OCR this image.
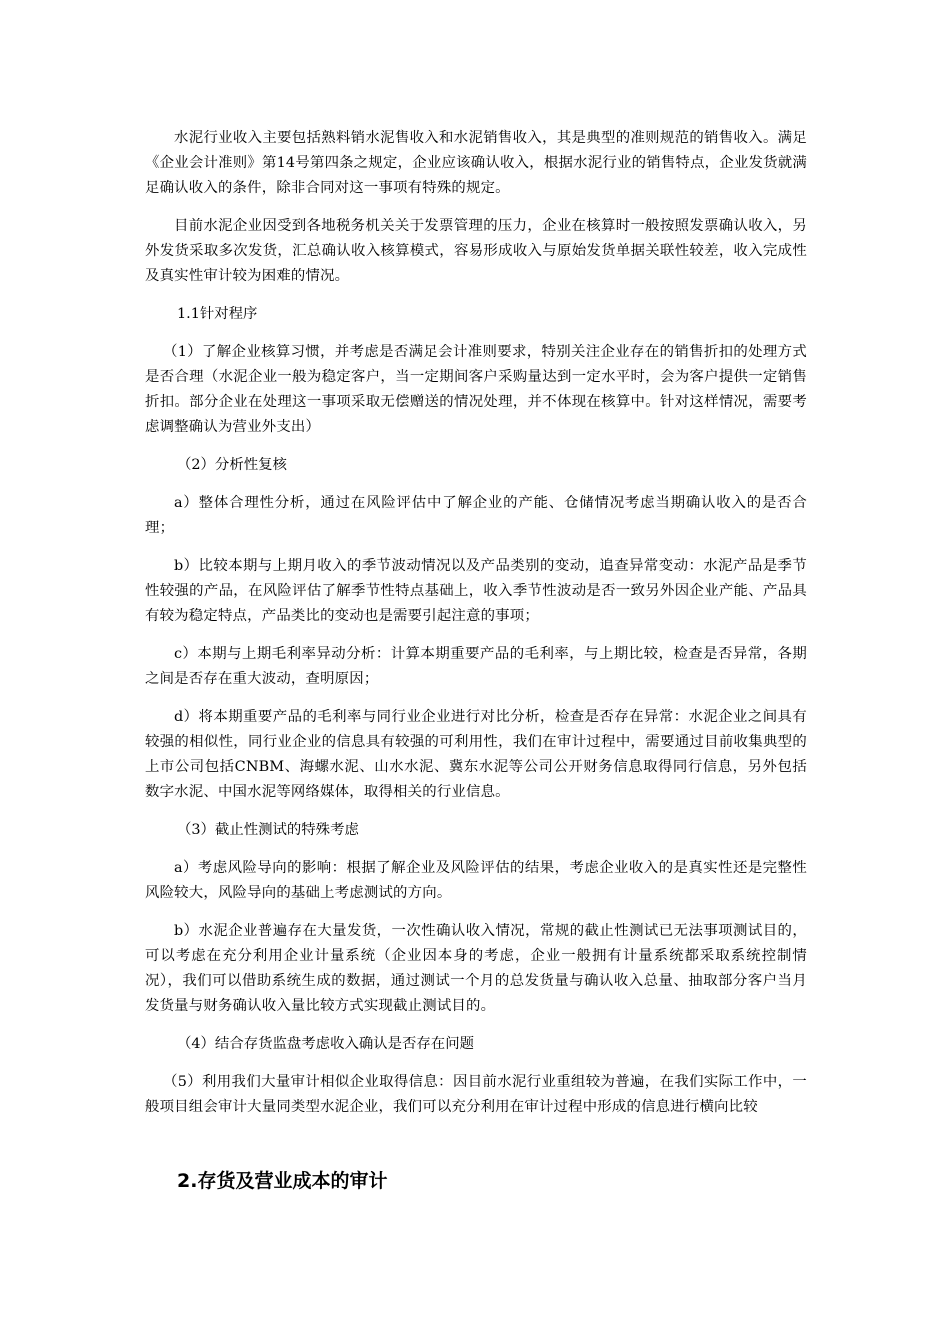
水泥行业收入主要包括熟料销水泥售收入和水泥销售收入，其是典型的准则规范的销售收入。满足《企业会计准则》第14号第四条之规定，企业应该确认收入，根据水泥行业的销售特点，企业发货就满足确认收入的条件，除非合同对这一事项有特殊的规定。

目前水泥企业因受到各地税务机关关于发票管理的压力，企业在核算时一般按照发票确认收入，另外发货采取多次发货，汇总确认收入核算模式，容易形成收入与原始发货单据关联性较差，收入完成性及真实性审计较为困难的情况。

1.1针对程序

（1）了解企业核算习惯，并考虑是否满足会计准则要求，特别关注企业存在的销售折扣的处理方式是否合理（水泥企业一般为稳定客户，当一定期间客户采购量达到一定水平时，会为客户提供一定销售折扣。部分企业在处理这一事项采取无偿赠送的情况处理，并不体现在核算中。针对这样情况，需要考虑调整确认为营业外支出）

（2）分析性复核

a）整体合理性分析，通过在风险评估中了解企业的产能、仓储情况考虑当期确认收入的是否合理；

b）比较本期与上期月收入的季节波动情况以及产品类别的变动，追查异常变动：水泥产品是季节性较强的产品，在风险评估了解季节性特点基础上，收入季节性波动是否一致另外因企业产能、产品具有较为稳定特点，产品类比的变动也是需要引起注意的事项；

c）本期与上期毛利率异动分析：计算本期重要产品的毛利率，与上期比较，检查是否异常，各期之间是否存在重大波动，查明原因；

d）将本期重要产品的毛利率与同行业企业进行对比分析，检查是否存在异常：水泥企业之间具有较强的相似性，同行业企业的信息具有较强的可利用性，我们在审计过程中，需要通过目前收集典型的上市公司包括CNBM、海螺水泥、山水水泥、冀东水泥等公司公开财务信息取得同行信息，另外包括数字水泥、中国水泥等网络媒体，取得相关的行业信息。

（3）截止性测试的特殊考虑

a）考虑风险导向的影响：根据了解企业及风险评估的结果，考虑企业收入的是真实性还是完整性风险较大，风险导向的基础上考虑测试的方向。

b）水泥企业普遍存在大量发货，一次性确认收入情况，常规的截止性测试已无法事项测试目的，可以考虑在充分利用企业计量系统（企业因本身的考虑，企业一般拥有计量系统都采取系统控制情况），我们可以借助系统生成的数据，通过测试一个月的总发货量与确认收入总量、抽取部分客户当月发货量与财务确认收入量比较方式实现截止测试目的。

（4）结合存货监盘考虑收入确认是否存在问题

（5）利用我们大量审计相似企业取得信息：因目前水泥行业重组较为普遍，在我们实际工作中，一般项目组会审计大量同类型水泥企业，我们可以充分利用在审计过程中形成的信息进行横向比较

2.存货及营业成本的审计
